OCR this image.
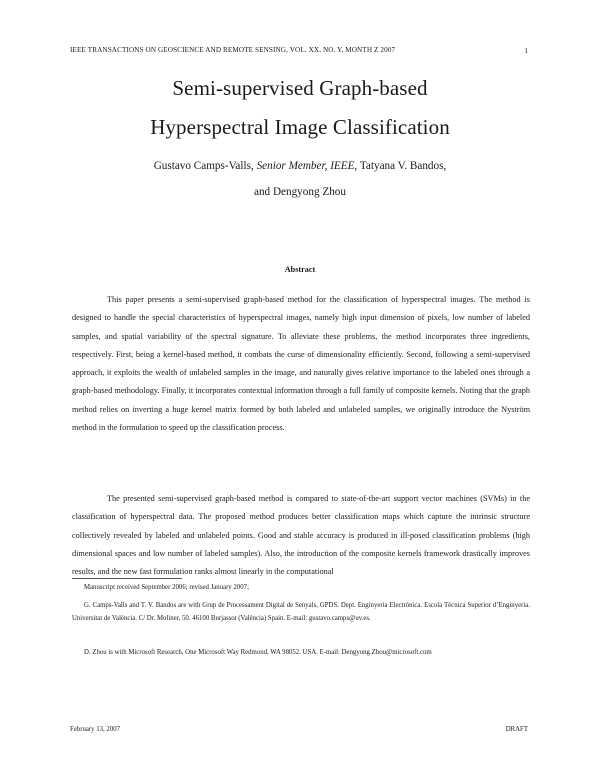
IEEE TRANSACTIONS ON GEOSCIENCE AND REMOTE SENSING, VOL. XX, NO. Y, MONTH Z 2007	1
Semi-supervised Graph-based
Hyperspectral Image Classification
Gustavo Camps-Valls, Senior Member, IEEE, Tatyana V. Bandos,
and Dengyong Zhou
Abstract

This paper presents a semi-supervised graph-based method for the classification of hyperspectral images. The method is designed to handle the special characteristics of hyperspectral images, namely high input dimension of pixels, low number of labeled samples, and spatial variability of the spectral signature. To alleviate these problems, the method incorporates three ingredients, respectively. First, being a kernel-based method, it combats the curse of dimensionality efficiently. Second, following a semi-supervised approach, it exploits the wealth of unlabeled samples in the image, and naturally gives relative importance to the labeled ones through a graph-based methodology. Finally, it incorporates contextual information through a full family of composite kernels. Noting that the graph method relies on inverting a huge kernel matrix formed by both labeled and unlabeled samples, we originally introduce the Nyström method in the formulation to speed up the classification process.

The presented semi-supervised graph-based method is compared to state-of-the-art support vector machines (SVMs) in the classification of hyperspectral data. The proposed method produces better classification maps which capture the intrinsic structure collectively revealed by labeled and unlabeled points. Good and stable accuracy is produced in ill-posed classification problems (high dimensional spaces and low number of labeled samples). Also, the introduction of the composite kernels framework drastically improves results, and the new fast formulation ranks almost linearly in the computational

Manuscript received September 2006; revised January 2007;

G. Camps-Valls and T. V. Bandos are with Grup de Processament Digital de Senyals, GPDS. Dept. Enginyeria Electrònica. Escola Tècnica Superior d’Enginyeria. Universitat de València. C/ Dr. Moliner, 50. 46100 Burjassot (València) Spain. E-mail: gustavo.camps@uv.es.

D. Zhou is with Microsoft Research, One Microsoft Way Redmond, WA 98052. USA. E-mail: Dengyong.Zhou@microsoft.com

February 13, 2007	DRAFT
